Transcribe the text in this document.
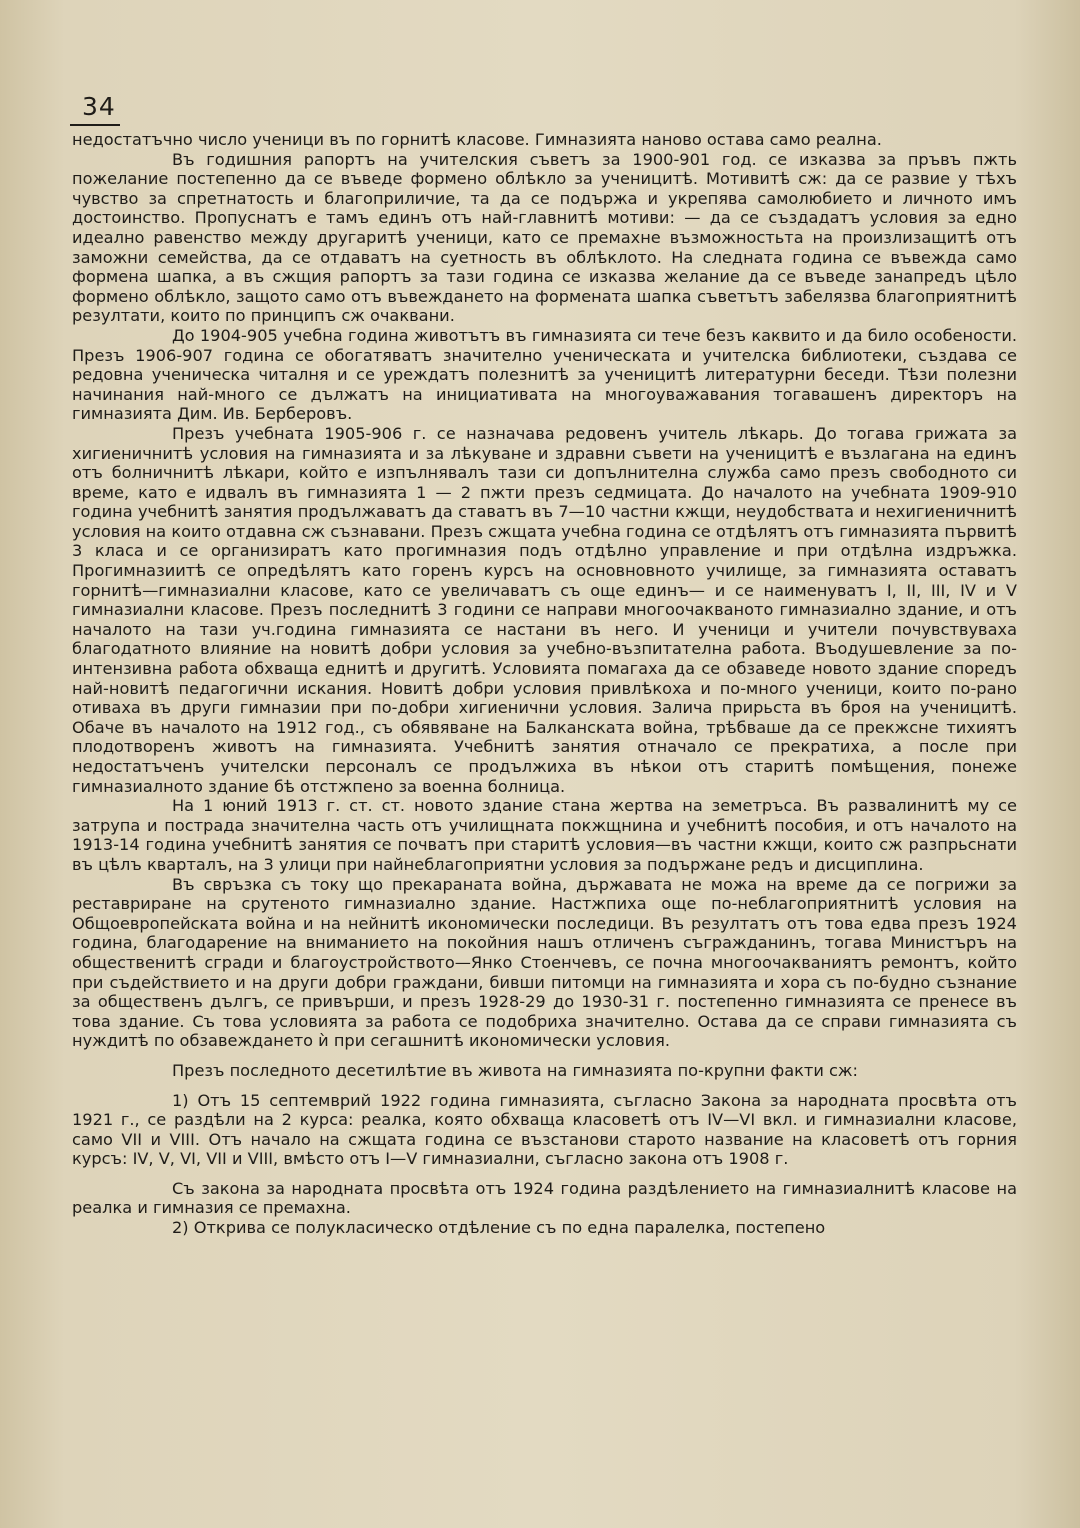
34

недостатъчно число ученици въ по горнитѣ класове. Гимназията наново остава само реална.

Въ годишния рапортъ на учителския съветъ за 1900-901 год. се изказва за пръвъ пжть пожелание постепенно да се въведе формено облѣкло за ученицитѣ. Мотивитѣ сж: да се развие у тѣхъ чувство за спретнатость и благоприличие, та да се подържа и укрепява самолюбието и личното имъ достоинство. Пропуснатъ е тамъ единъ отъ най-главнитѣ мотиви: — да се създадатъ условия за едно идеално равенство между другаритѣ ученици, като се премахне възможностьта на произлизащитѣ отъ заможни семейства, да се отдаватъ на суетность въ облѣклото. На следната година се въвежда само формена шапка, а въ сжщия рапортъ за тази година се изказва желание да се въведе занапредъ цѣло формено облѣкло, защото само отъ въвеждането на формената шапка съветътъ забелязва благоприятнитѣ резултати, които по принципъ сж очаквани.

До 1904-905 учебна година животътъ въ гимназията си тече безъ каквито и да било особености. Презъ 1906-907 година се обогатяватъ значително ученическата и учителска библиотеки, създава се редовна ученическа читалня и се уреждатъ полезнитѣ за ученицитѣ литературни беседи. Тѣзи полезни начинания най-много се дължатъ на инициативата на многоуважавания тогавашенъ директоръ на гимназията Дим. Ив. Берберовъ.

Презъ учебната 1905-906 г. се назначава редовенъ учитель лѣкарь. До тогава грижата за хигиеничнитѣ условия на гимназията и за лѣкуване и здравни съвети на ученицитѣ е възлагана на единъ отъ болничнитѣ лѣкари, който е изпълнявалъ тази си допълнителна служба само презъ свободното си време, като е идвалъ въ гимназията 1 — 2 пжти презъ седмицата. До началото на учебната 1909-910 година учебнитѣ занятия продължаватъ да ставатъ въ 7—10 частни кжщи, неудобствата и нехигиеничнитѣ условия на които отдавна сж съзнавани. Презъ сжщата учебна година се отдѣлятъ отъ гимназията първитѣ 3 класа и се организиратъ като прогимназия подъ отдѣлно управление и при отдѣлна издръжка. Прогимназиитѣ се опредѣлятъ като горенъ курсъ на основновното училище, за гимназията оставатъ горнитѣ—гимназиални класове, като се увеличаватъ съ още единъ— и се наименуватъ I, II, III, IV и V гимназиални класове. Презъ последнитѣ 3 години се направи многоочакваното гимназиално здание, и отъ началото на тази уч.година гимназията се настани въ него. И ученици и учители почувствуваха благодатното влияние на новитѣ добри условия за учебно-възпитателна работа. Въодушевление за по-интензивна работа обхваща еднитѣ и другитѣ. Условията помагаха да се обзаведе новото здание споредъ най-новитѣ педагогични искания. Новитѣ добри условия привлѣкоха и по-много ученици, които по-рано отиваха въ други гимназии при по-добри хигиенични условия. Залича прирьста въ броя на ученицитѣ. Обаче въ началото на 1912 год., съ обявяване на Балканската война, трѣбваше да се прекжсне тихиятъ плодотворенъ животъ на гимназията. Учебнитѣ занятия отначало се прекратиха, а после при недостатъченъ учителски персоналъ се продължиха въ нѣкои отъ старитѣ помѣщения, понеже гимназиалното здание бѣ отстжпено за военна болница.

На 1 юний 1913 г. ст. ст. новото здание стана жертва на земетръса. Въ развалинитѣ му се затрупа и пострада значителна часть отъ училищната покжщнина и учебнитѣ пособия, и отъ началото на 1913-14 година учебнитѣ занятия се почватъ при старитѣ условия—въ частни кжщи, които сж разпрьснати въ цѣлъ кварталъ, на 3 улици при найнеблагоприятни условия за подържане редъ и дисциплина.

Въ свръзка съ току що прекараната война, държавата не можа на време да се погрижи за реставриране на срутеното гимназиално здание. Настжпиха още по-неблагоприятнитѣ условия на Общоевропейската война и на нейнитѣ икономически последици. Въ резултатъ отъ това едва презъ 1924 година, благодарение на вниманието на покойния нашъ отличенъ съгражданинъ, тогава Министъръ на общественитѣ сгради и благоустройството—Янко Стоенчевъ, се почна многоочакваниятъ ремонтъ, който при съдействието и на други добри граждани, бивши питомци на гимназията и хора съ по-будно съзнание за общественъ дългъ, се привърши, и презъ 1928-29 до 1930-31 г. постепенно гимназията се пренесе въ това здание. Съ това условията за работа се подобриха значително. Остава да се справи гимназията съ нуждитѣ по обзавеждането ѝ при сегашнитѣ икономически условия.

Презъ последното десетилѣтие въ живота на гимназията по-крупни факти сж:

1) Отъ 15 септемврий 1922 година гимназията, съгласно Закона за народната просвѣта отъ 1921 г., се раздѣли на 2 курса: реалка, която обхваща класоветѣ отъ IV—VI вкл. и гимназиални класове, само VII и VIII. Отъ начало на сжщата година се възстанови старото название на класоветѣ отъ горния курсъ: IV, V, VI, VII и VIII, вмѣсто отъ I—V гимназиални, съгласно закона отъ 1908 г.

Съ закона за народната просвѣта отъ 1924 година раздѣлението на гимназиалнитѣ класове на реалка и гимназия се премахна.

2) Открива се полукласическо отдѣление съ по една паралелка, постепено
